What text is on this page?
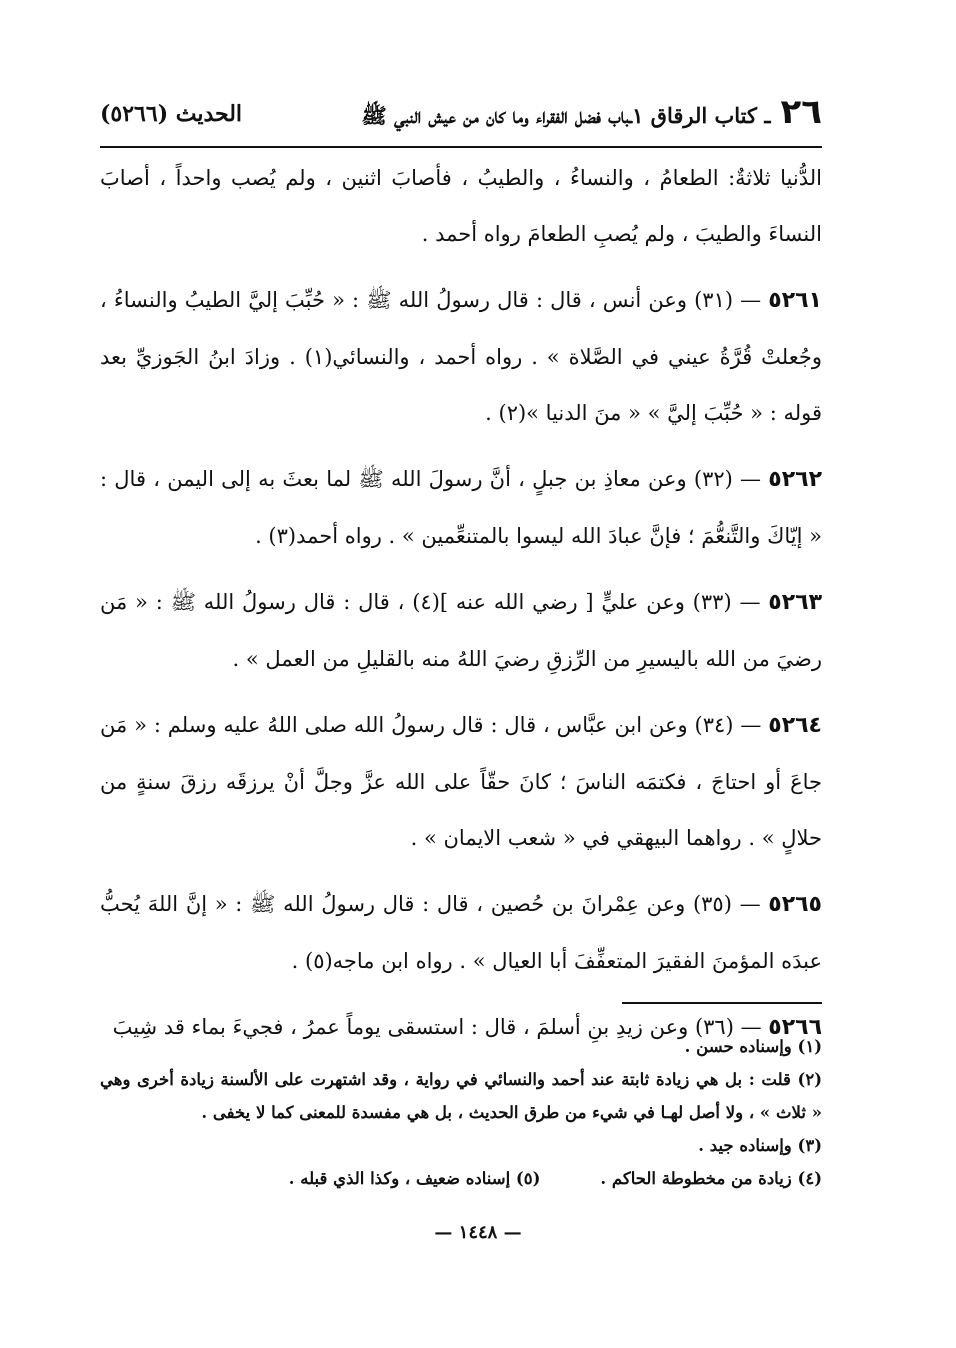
٢٦
ـ كتاب الرقاق ١ـباب فضل الفقراء وما كان من عيش النبي ﷺ
الحديث (٥٢٦٦)

الدُّنيا ثلاثةٌ: الطعامُ ، والنساءُ ، والطيبُ ، فأصابَ اثنين ، ولم يُصب واحداً ، أصابَ النساءَ والطيبَ ، ولم يُصبِ الطعامَ رواه أحمد .

٥٢٦١ — (٣١) وعن أنس ، قال : قال رسولُ الله ﷺ : « حُبِّبَ إليَّ الطيبُ والنساءُ ، وجُعلتْ قُرَّةُ عيني في الصَّلاة » . رواه أحمد ، والنسائي(١) . وزادَ ابنُ الجَوزيِّ بعد قوله : « حُبِّبَ إليَّ » « منَ الدنيا »(٢) .

٥٢٦٢ — (٣٢) وعن معاذِ بن جبلٍ ، أنَّ رسولَ الله ﷺ لما بعثَ به إلى اليمن ، قال : « إيّاكَ والتَّنعُّمَ ؛ فإنَّ عبادَ الله ليسوا بالمتنعِّمين » . رواه أحمد(٣) .

٥٢٦٣ — (٣٣) وعن عليٍّ [ رضي الله عنه ](٤) ، قال : قال رسولُ الله ﷺ : « مَن رضيَ من الله باليسيرِ من الرِّزقِ رضيَ اللهُ منه بالقليلِ من العمل » .

٥٢٦٤ — (٣٤) وعن ابن عبَّاس ، قال : قال رسولُ الله صلى اللهُ عليه وسلم : « مَن جاعَ أو احتاجَ ، فكتمَه الناسَ ؛ كانَ حقّاً على الله عزَّ وجلَّ أنْ يرزقَه رزقَ سنةٍ من حلالٍ » . رواهما البيهقي في « شعب الايمان » .

٥٢٦٥ — (٣٥) وعن عِمْرانَ بن حُصين ، قال : قال رسولُ الله ﷺ : « إنَّ اللهَ يُحبُّ عبدَه المؤمنَ الفقيرَ المتعفِّفَ أبا العيال » . رواه ابن ماجه(٥) .

٥٢٦٦ — (٣٦) وعن زيدِ بنِ أسلمَ ، قال : استسقى يوماً عمرُ ، فجيءَ بماء قد شِيبَ

(١) وإسناده حسن .

(٢) قلت : بل هي زيادة ثابتة عند أحمد والنسائي في رواية ، وقد اشتهرت على الألسنة زيادة أخرى وهي « ثلاث » ، ولا أصل لهـا في شيء من طرق الحديث ، بل هي مفسدة للمعنى كما لا يخفى .

(٣) وإسناده جيد .

(٤) زيادة من مخطوطة الحاكم .
(٥) إسناده ضعيف ، وكذا الذي قبله .
— ١٤٤٨ —
